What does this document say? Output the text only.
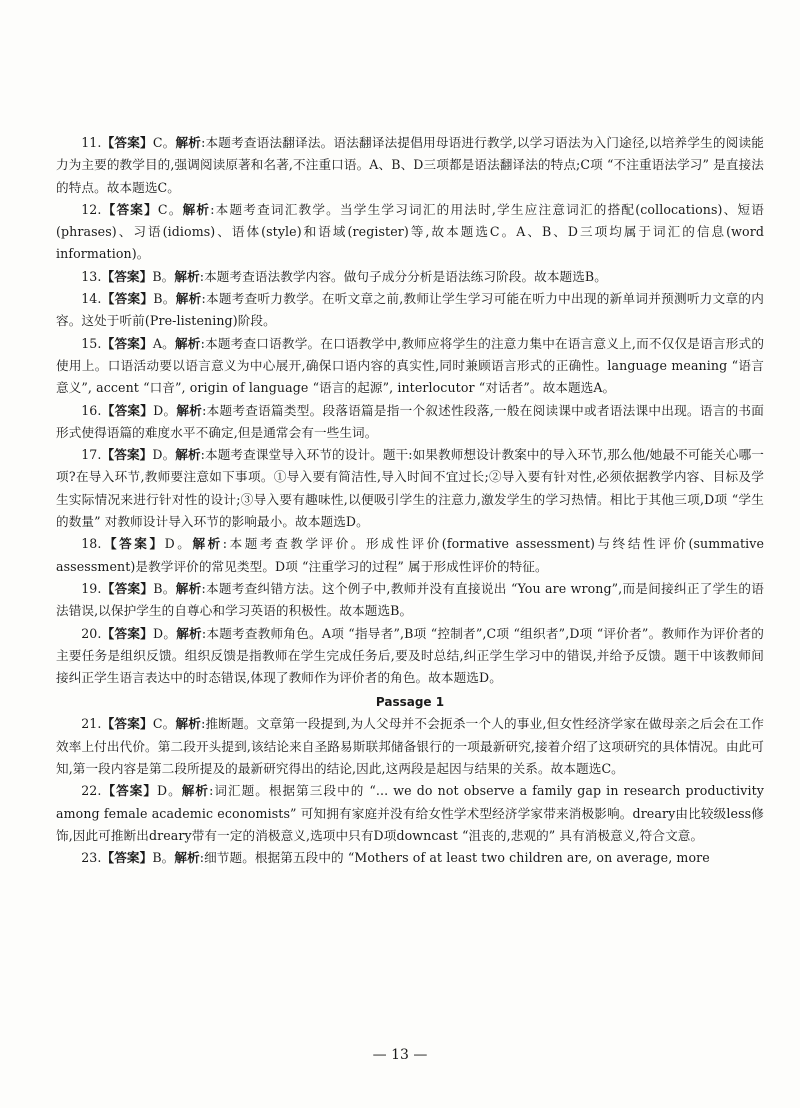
11.【答案】C。解析:本题考查语法翻译法。语法翻译法提倡用母语进行教学,以学习语法为入门途径,以培养学生的阅读能力为主要的教学目的,强调阅读原著和名著,不注重口语。A、B、D三项都是语法翻译法的特点;C项 “不注重语法学习” 是直接法的特点。故本题选C。

12.【答案】C。解析:本题考查词汇教学。当学生学习词汇的用法时,学生应注意词汇的搭配(collocations)、短语(phrases)、习语(idioms)、语体(style)和语域(register)等,故本题选C。A、B、D三项均属于词汇的信息(word information)。

13.【答案】B。解析:本题考查语法教学内容。做句子成分分析是语法练习阶段。故本题选B。

14.【答案】B。解析:本题考查听力教学。在听文章之前,教师让学生学习可能在听力中出现的新单词并预测听力文章的内容。这处于听前(Pre-listening)阶段。

15.【答案】A。解析:本题考查口语教学。在口语教学中,教师应将学生的注意力集中在语言意义上,而不仅仅是语言形式的使用上。口语活动要以语言意义为中心展开,确保口语内容的真实性,同时兼顾语言形式的正确性。language meaning “语言意义”, accent “口音”, origin of language “语言的起源”, interlocutor “对话者”。故本题选A。

16.【答案】D。解析:本题考查语篇类型。段落语篇是指一个叙述性段落,一般在阅读课中或者语法课中出现。语言的书面形式使得语篇的难度水平不确定,但是通常会有一些生词。

17.【答案】D。解析:本题考查课堂导入环节的设计。题干:如果教师想设计教案中的导入环节,那么他/她最不可能关心哪一项?在导入环节,教师要注意如下事项。①导入要有简洁性,导入时间不宜过长;②导入要有针对性,必须依据教学内容、目标及学生实际情况来进行针对性的设计;③导入要有趣味性,以便吸引学生的注意力,激发学生的学习热情。相比于其他三项,D项 “学生的数量” 对教师设计导入环节的影响最小。故本题选D。

18.【答案】D。解析:本题考查教学评价。形成性评价(formative assessment)与终结性评价(summative assessment)是教学评价的常见类型。D项 “注重学习的过程” 属于形成性评价的特征。

19.【答案】B。解析:本题考查纠错方法。这个例子中,教师并没有直接说出 “You are wrong”,而是间接纠正了学生的语法错误,以保护学生的自尊心和学习英语的积极性。故本题选B。

20.【答案】D。解析:本题考查教师角色。A项 “指导者”,B项 “控制者”,C项 “组织者”,D项 “评价者”。教师作为评价者的主要任务是组织反馈。组织反馈是指教师在学生完成任务后,要及时总结,纠正学生学习中的错误,并给予反馈。题干中该教师间接纠正学生语言表达中的时态错误,体现了教师作为评价者的角色。故本题选D。

Passage 1

21.【答案】C。解析:推断题。文章第一段提到,为人父母并不会扼杀一个人的事业,但女性经济学家在做母亲之后会在工作效率上付出代价。第二段开头提到,该结论来自圣路易斯联邦储备银行的一项最新研究,接着介绍了这项研究的具体情况。由此可知,第一段内容是第二段所提及的最新研究得出的结论,因此,这两段是起因与结果的关系。故本题选C。

22.【答案】D。解析:词汇题。根据第三段中的 “... we do not observe a family gap in research productivity among female academic economists” 可知拥有家庭并没有给女性学术型经济学家带来消极影响。dreary由比较级less修饰,因此可推断出dreary带有一定的消极意义,选项中只有D项downcast “沮丧的,悲观的” 具有消极意义,符合文意。

23.【答案】B。解析:细节题。根据第五段中的 “Mothers of at least two children are, on average, more

— 13 —
